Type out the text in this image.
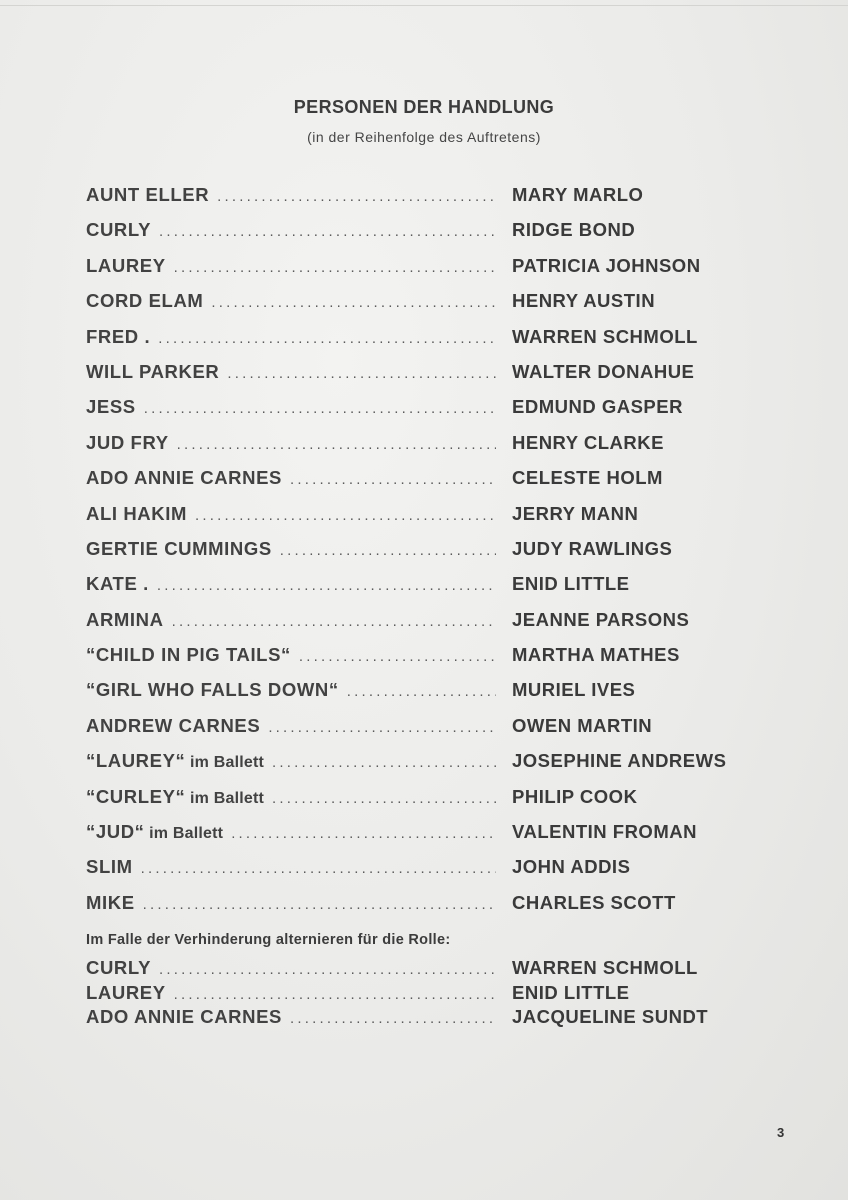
PERSONEN DER HANDLUNG

(in der Reihenfolge des Auftretens)

AUNT ELLER .....	MARY MARLO
CURLY .....	RIDGE BOND
LAUREY .....	PATRICIA JOHNSON
CORD ELAM .....	HENRY AUSTIN
FRED . .....	WARREN SCHMOLL
WILL PARKER .....	WALTER DONAHUE
JESS .....	EDMUND GASPER
JUD FRY .....	HENRY CLARKE
ADO ANNIE CARNES .....	CELESTE HOLM
ALI HAKIM .....	JERRY MANN
GERTIE CUMMINGS .....	JUDY RAWLINGS
KATE . .....	ENID LITTLE
ARMINA .....	JEANNE PARSONS
“CHILD IN PIG TAILS“ .....	MARTHA MATHES
“GIRL WHO FALLS DOWN“ .....	MURIEL IVES
ANDREW CARNES .....	OWEN MARTIN
“LAUREY“ im Ballett .....	JOSEPHINE ANDREWS
“CURLEY“ im Ballett .....	PHILIP COOK
“JUD“ im Ballett .....	VALENTIN FROMAN
SLIM .....	JOHN ADDIS
MIKE .....	CHARLES SCOTT

Im Falle der Verhinderung alternieren für die Rolle:

CURLY .....	WARREN SCHMOLL
LAUREY .....	ENID LITTLE
ADO ANNIE CARNES .....	JACQUELINE SUNDT

3
